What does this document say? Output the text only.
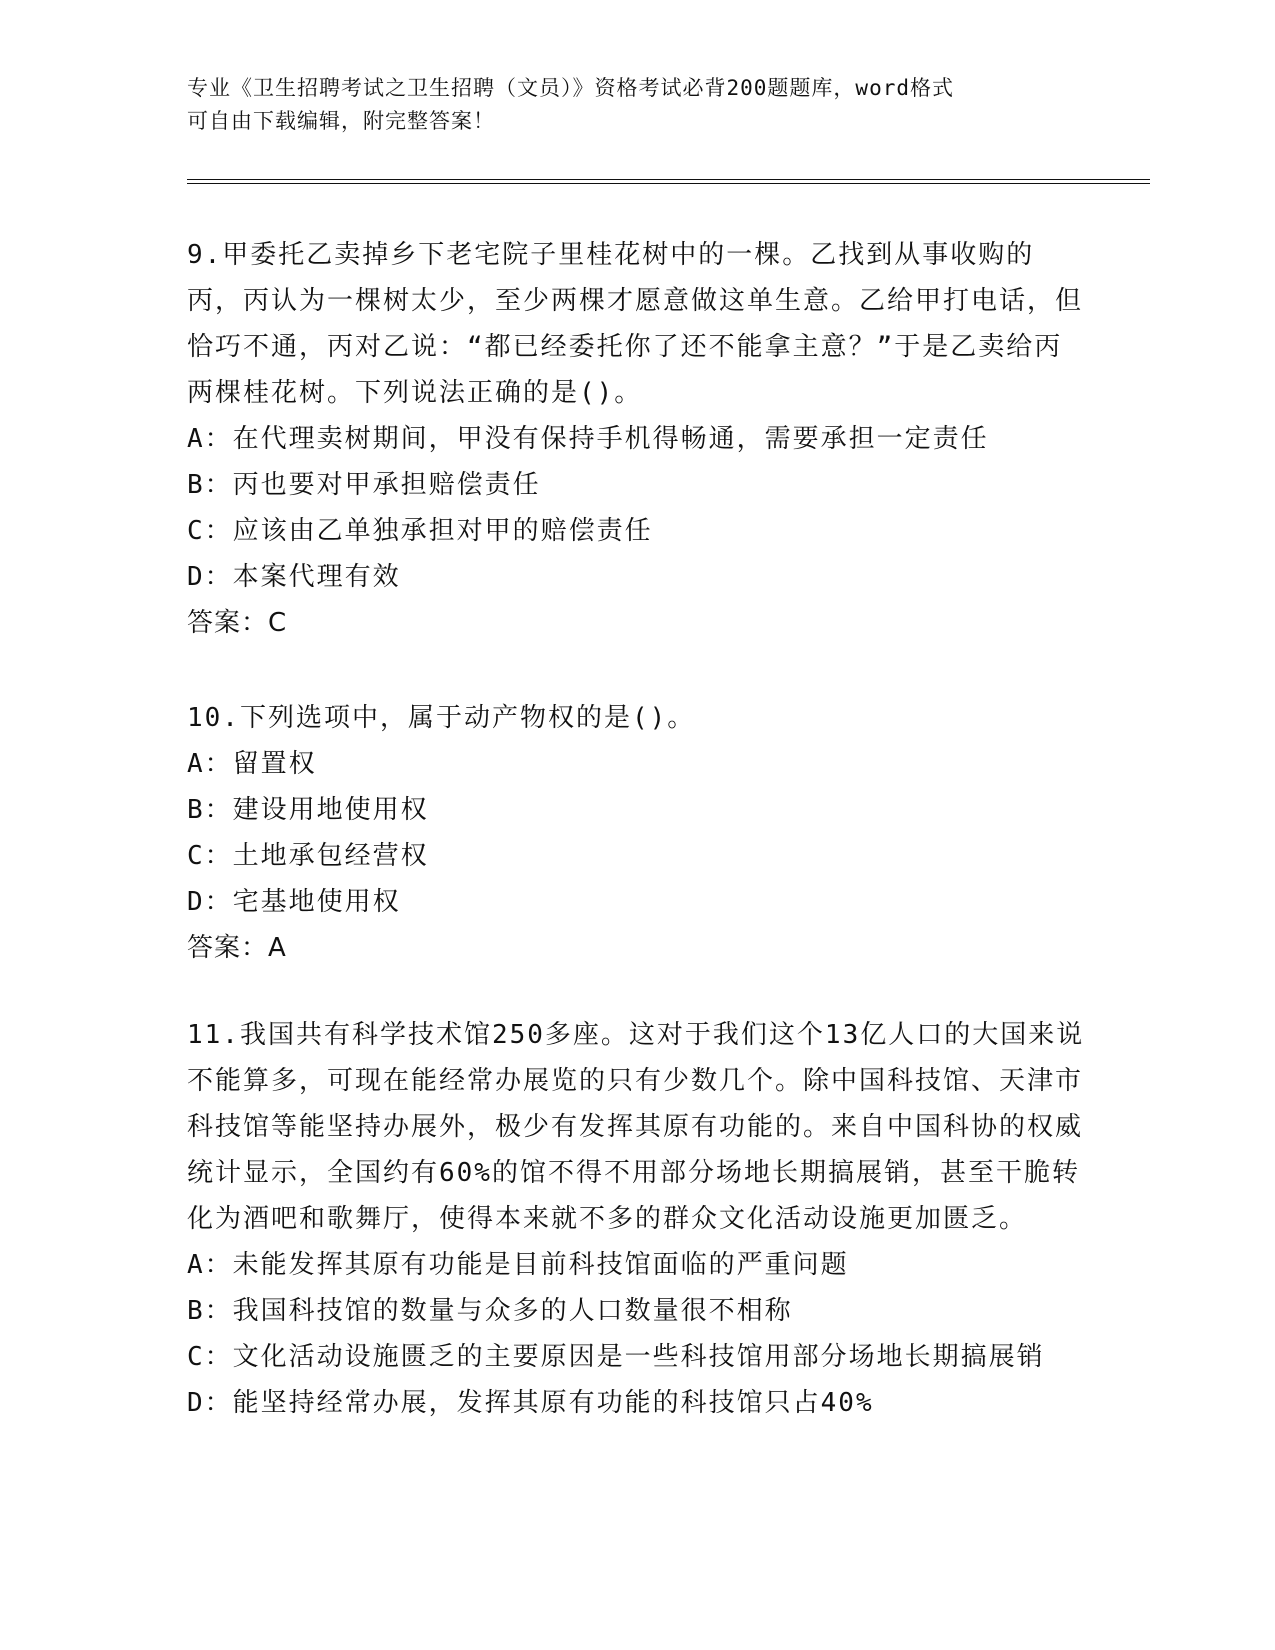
专业《卫生招聘考试之卫生招聘（文员）》资格考试必背200题题库，word格式
可自由下载编辑，附完整答案！

9.甲委托乙卖掉乡下老宅院子里桂花树中的一棵。乙找到从事收购的丙，丙认为一棵树太少，至少两棵才愿意做这单生意。乙给甲打电话，但恰巧不通，丙对乙说：“都已经委托你了还不能拿主意？”于是乙卖给丙两棵桂花树。下列说法正确的是()。

A：在代理卖树期间，甲没有保持手机得畅通，需要承担一定责任

B：丙也要对甲承担赔偿责任

C：应该由乙单独承担对甲的赔偿责任

D：本案代理有效

答案：C

10.下列选项中，属于动产物权的是()。

A：留置权

B：建设用地使用权

C：土地承包经营权

D：宅基地使用权

答案：A

11.我国共有科学技术馆250多座。这对于我们这个13亿人口的大国来说不能算多，可现在能经常办展览的只有少数几个。除中国科技馆、天津市科技馆等能坚持办展外，极少有发挥其原有功能的。来自中国科协的权威统计显示，全国约有60%的馆不得不用部分场地长期搞展销，甚至干脆转化为酒吧和歌舞厅，使得本来就不多的群众文化活动设施更加匮乏。

A：未能发挥其原有功能是目前科技馆面临的严重问题

B：我国科技馆的数量与众多的人口数量很不相称

C：文化活动设施匮乏的主要原因是一些科技馆用部分场地长期搞展销

D：能坚持经常办展，发挥其原有功能的科技馆只占40%
